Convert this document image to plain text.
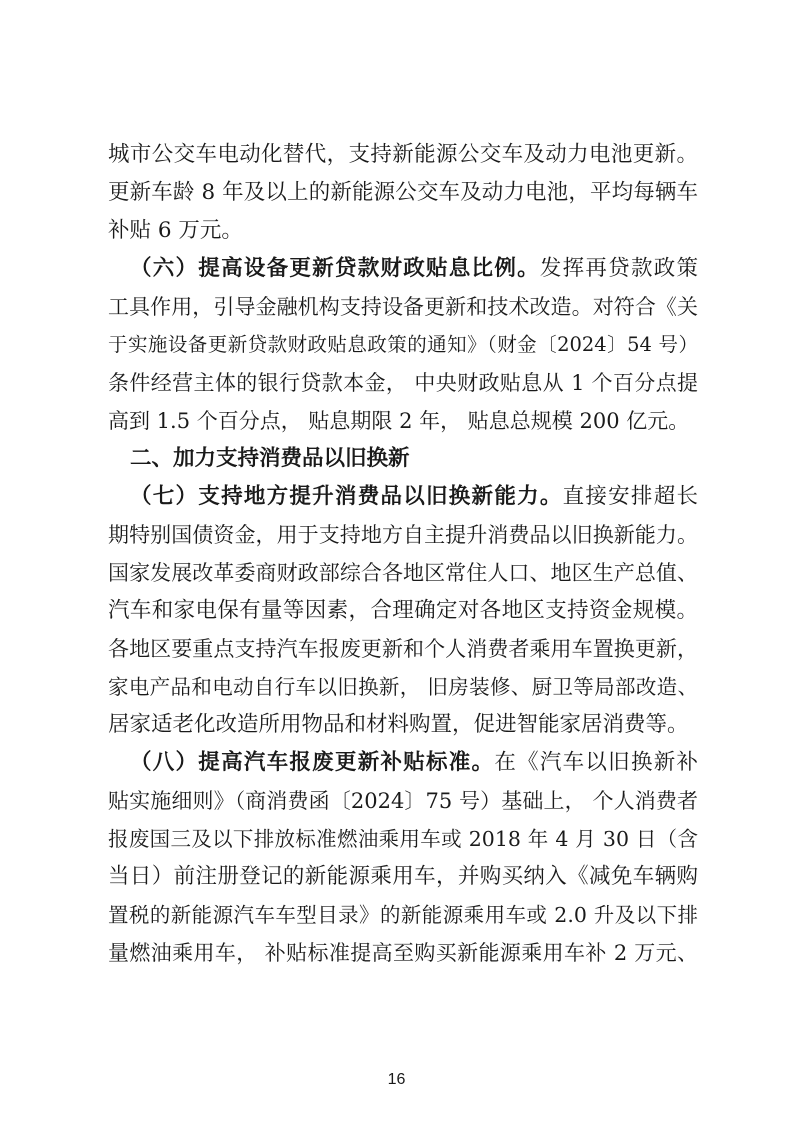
城市公交车电动化替代，支持新能源公交车及动力电池更新。
更新车龄 8 年及以上的新能源公交车及动力电池，平均每辆车
补贴 6 万元。
（六）提高设备更新贷款财政贴息比例。发挥再贷款政策
工具作用，引导金融机构支持设备更新和技术改造。对符合《关
于实施设备更新贷款财政贴息政策的通知》（财金〔2024〕54 号）
条件经营主体的银行贷款本金， 中央财政贴息从 1 个百分点提
高到 1.5 个百分点， 贴息期限 2 年， 贴息总规模 200 亿元。
二、加力支持消费品以旧换新
（七）支持地方提升消费品以旧换新能力。直接安排超长
期特别国债资金，用于支持地方自主提升消费品以旧换新能力。
国家发展改革委商财政部综合各地区常住人口、地区生产总值、
汽车和家电保有量等因素，合理确定对各地区支持资金规模。
各地区要重点支持汽车报废更新和个人消费者乘用车置换更新，
家电产品和电动自行车以旧换新， 旧房装修、厨卫等局部改造、
居家适老化改造所用物品和材料购置，促进智能家居消费等。
（八）提高汽车报废更新补贴标准。在《汽车以旧换新补
贴实施细则》（商消费函〔2024〕75 号）基础上， 个人消费者
报废国三及以下排放标准燃油乘用车或 2018 年 4 月 30 日（含
当日）前注册登记的新能源乘用车，并购买纳入《减免车辆购
置税的新能源汽车车型目录》的新能源乘用车或 2.0 升及以下排
量燃油乘用车， 补贴标准提高至购买新能源乘用车补 2 万元、
16
